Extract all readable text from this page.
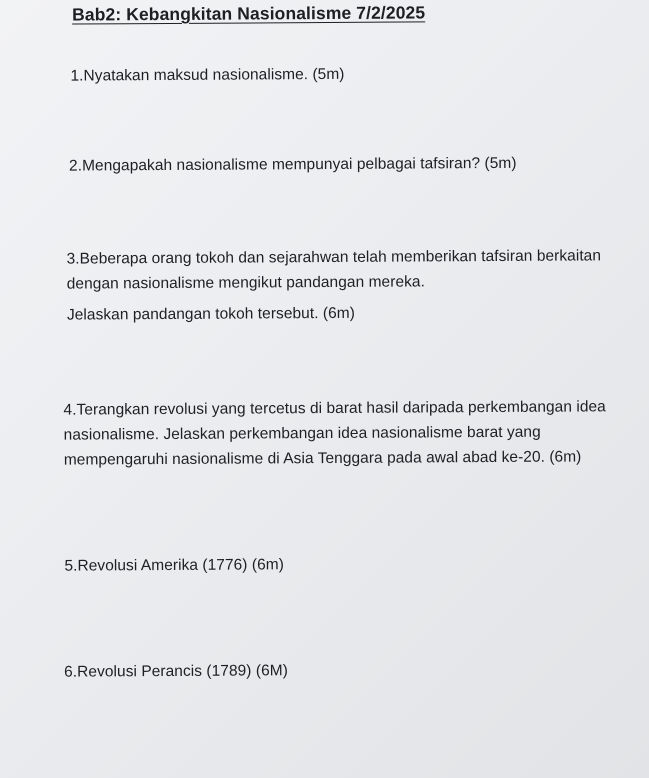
Bab2: Kebangkitan Nasionalisme 7/2/2025
1.Nyatakan maksud nasionalisme. (5m)
2.Mengapakah nasionalisme mempunyai pelbagai tafsiran? (5m)
3.Beberapa orang tokoh dan sejarahwan telah memberikan tafsiran berkaitan
dengan nasionalisme mengikut pandangan mereka.
Jelaskan pandangan tokoh tersebut. (6m)
4.Terangkan revolusi yang tercetus di barat hasil daripada perkembangan idea
nasionalisme. Jelaskan perkembangan idea nasionalisme barat yang
mempengaruhi nasionalisme di Asia Tenggara pada awal abad ke-20. (6m)
5.Revolusi Amerika (1776) (6m)
6.Revolusi Perancis (1789) (6M)
